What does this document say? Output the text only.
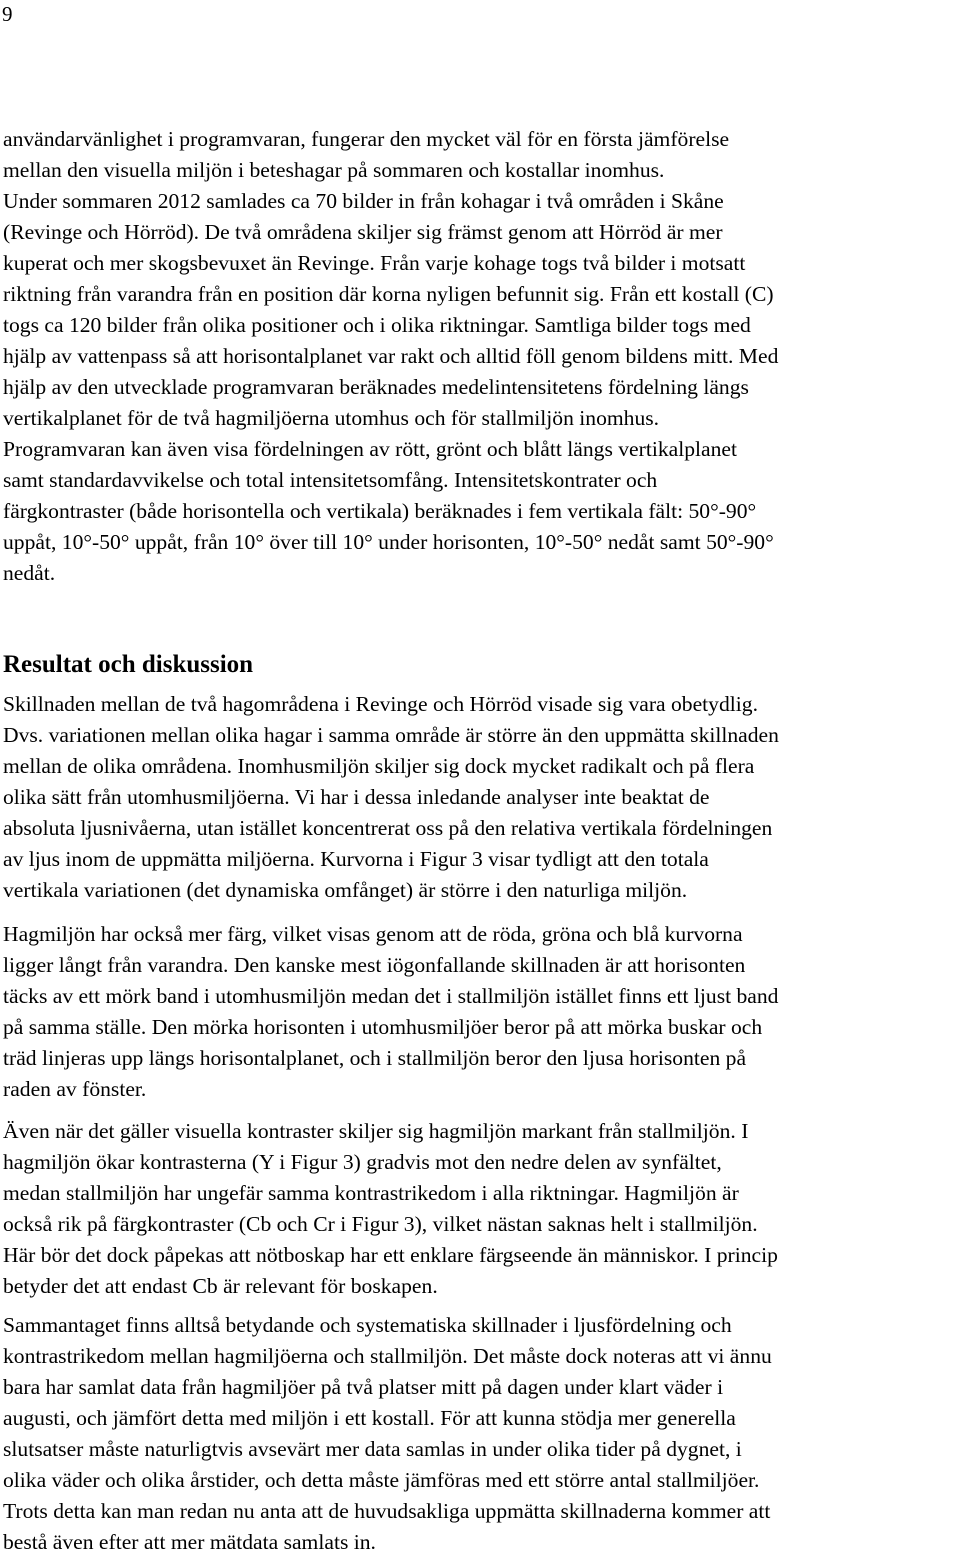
9

användarvänlighet i programvaran, fungerar den mycket väl för en första jämförelse
mellan den visuella miljön i beteshagar på sommaren och kostallar inomhus.
Under sommaren 2012 samlades ca 70 bilder in från kohagar i två områden i Skåne
(Revinge och Hörröd). De två områdena skiljer sig främst genom att Hörröd är mer
kuperat och mer skogsbevuxet än Revinge. Från varje kohage togs två bilder i motsatt
riktning från varandra från en position där korna nyligen befunnit sig. Från ett kostall (C)
togs ca 120 bilder från olika positioner och i olika riktningar. Samtliga bilder togs med
hjälp av vattenpass så att horisontalplanet var rakt och alltid föll genom bildens mitt. Med
hjälp av den utvecklade programvaran beräknades medelintensitetens fördelning längs
vertikalplanet för de två hagmiljöerna utomhus och för stallmiljön inomhus.
Programvaran kan även visa fördelningen av rött, grönt och blått längs vertikalplanet
samt standardavvikelse och total intensitetsomfång. Intensitetskontrater och
färgkontraster (både horisontella och vertikala) beräknades i fem vertikala fält: 50°-90°
uppåt, 10°-50° uppåt, från 10° över till 10° under horisonten, 10°-50° nedåt samt 50°-90°
nedåt.

Resultat och diskussion

Skillnaden mellan de två hagområdena i Revinge och Hörröd visade sig vara obetydlig.
Dvs. variationen mellan olika hagar i samma område är större än den uppmätta skillnaden
mellan de olika områdena. Inomhusmiljön skiljer sig dock mycket radikalt och på flera
olika sätt från utomhusmiljöerna. Vi har i dessa inledande analyser inte beaktat de
absoluta ljusnivåerna, utan istället koncentrerat oss på den relativa vertikala fördelningen
av ljus inom de uppmätta miljöerna. Kurvorna i Figur 3 visar tydligt att den totala
vertikala variationen (det dynamiska omfånget) är större i den naturliga miljön.

Hagmiljön har också mer färg, vilket visas genom att de röda, gröna och blå kurvorna
ligger långt från varandra. Den kanske mest iögonfallande skillnaden är att horisonten
täcks av ett mörk band i utomhusmiljön medan det i stallmiljön istället finns ett ljust band
på samma ställe. Den mörka horisonten i utomhusmiljöer beror på att mörka buskar och
träd linjeras upp längs horisontalplanet, och i stallmiljön beror den ljusa horisonten på
raden av fönster.

Även när det gäller visuella kontraster skiljer sig hagmiljön markant från stallmiljön. I
hagmiljön ökar kontrasterna (Y i Figur 3) gradvis mot den nedre delen av synfältet,
medan stallmiljön har ungefär samma kontrastrikedom i alla riktningar. Hagmiljön är
också rik på färgkontraster (Cb och Cr i Figur 3), vilket nästan saknas helt i stallmiljön.
Här bör det dock påpekas att nötboskap har ett enklare färgseende än människor. I princip
betyder det att endast Cb är relevant för boskapen.

Sammantaget finns alltså betydande och systematiska skillnader i ljusfördelning och
kontrastrikedom mellan hagmiljöerna och stallmiljön. Det måste dock noteras att vi ännu
bara har samlat data från hagmiljöer på två platser mitt på dagen under klart väder i
augusti, och jämfört detta med miljön i ett kostall. För att kunna stödja mer generella
slutsatser måste naturligtvis avsevärt mer data samlas in under olika tider på dygnet, i
olika väder och olika årstider, och detta måste jämföras med ett större antal stallmiljöer.
Trots detta kan man redan nu anta att de huvudsakliga uppmätta skillnaderna kommer att
bestå även efter att mer mätdata samlats in.
